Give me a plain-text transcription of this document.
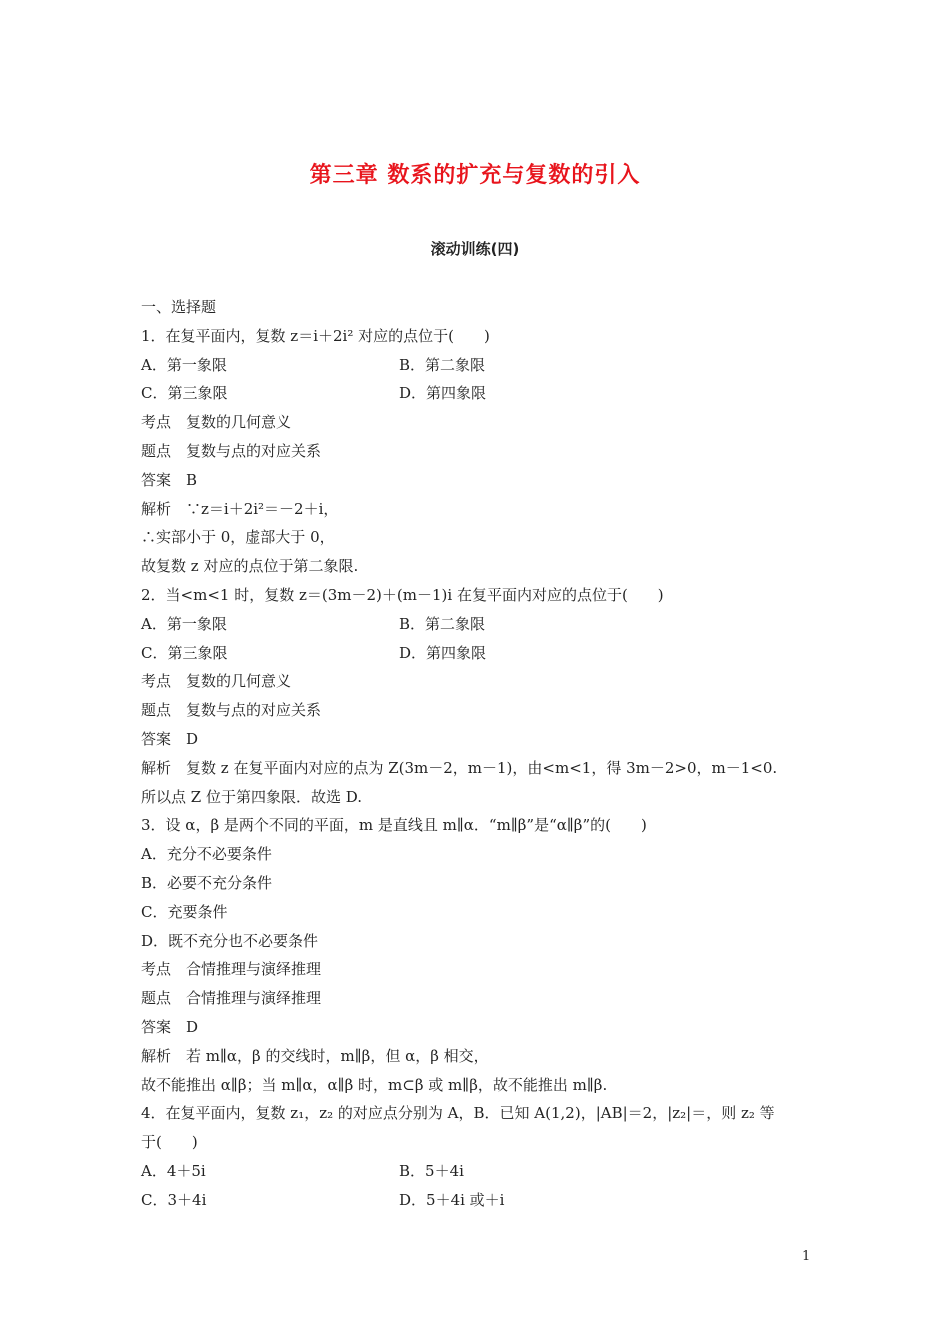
第三章 数系的扩充与复数的引入
滚动训练(四)
一、选择题
1．在复平面内，复数 z＝i＋2i² 对应的点位于(　　)
A．第一象限	B．第二象限
C．第三象限	D．第四象限
考点　复数的几何意义
题点　复数与点的对应关系
答案　B
解析　∵z＝i＋2i²＝－2＋i，
∴实部小于 0，虚部大于 0，
故复数 z 对应的点位于第二象限.
2．当<m<1 时，复数 z＝(3m－2)＋(m－1)i 在复平面内对应的点位于(　　)
A．第一象限	B．第二象限
C．第三象限	D．第四象限
考点　复数的几何意义
题点　复数与点的对应关系
答案　D
解析　复数 z 在复平面内对应的点为 Z(3m－2，m－1)，由<m<1，得 3m－2>0，m－1<0.
所以点 Z 位于第四象限．故选 D.
3．设 α，β 是两个不同的平面，m 是直线且 m∥α．“m∥β”是“α∥β”的(　　)
A．充分不必要条件
B．必要不充分条件
C．充要条件
D．既不充分也不必要条件
考点　合情推理与演绎推理
题点　合情推理与演绎推理
答案　D
解析　若 m∥α，β 的交线时，m∥β，但 α，β 相交，
故不能推出 α∥β；当 m∥α，α∥β 时，m⊂β 或 m∥β，故不能推出 m∥β.
4．在复平面内，复数 z₁，z₂ 的对应点分别为 A，B．已知 A(1,2)，|AB|＝2，|z₂|＝，则 z₂ 等
于(　　)
A．4＋5i	B．5＋4i
C．3＋4i	D．5＋4i 或＋i
1
